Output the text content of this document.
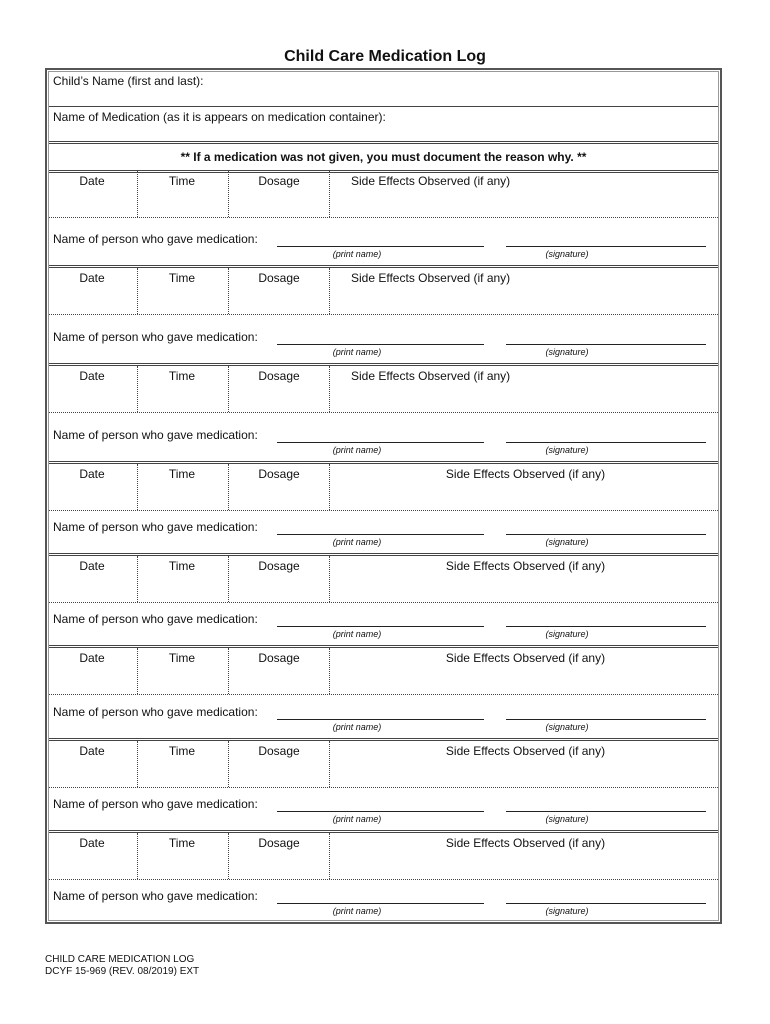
Child Care Medication Log
Child’s Name (first and last):
Name of Medication (as it is appears on medication container):
** If a medication was not given, you must document the reason why. **
Date	Time	Dosage	Side Effects Observed (if any)
Name of person who gave medication:
(print name)	(signature)
Date	Time	Dosage	Side Effects Observed (if any)
Name of person who gave medication:
(print name)	(signature)
Date	Time	Dosage	Side Effects Observed (if any)
Name of person who gave medication:
(print name)	(signature)
Date	Time	Dosage	Side Effects Observed (if any)
Name of person who gave medication:
(print name)	(signature)
Date	Time	Dosage	Side Effects Observed (if any)
Name of person who gave medication:
(print name)	(signature)
Date	Time	Dosage	Side Effects Observed (if any)
Name of person who gave medication:
(print name)	(signature)
Date	Time	Dosage	Side Effects Observed (if any)
Name of person who gave medication:
(print name)	(signature)
Date	Time	Dosage	Side Effects Observed (if any)
Name of person who gave medication:
(print name)	(signature)
CHILD CARE MEDICATION LOG
DCYF 15-969 (REV. 08/2019) EXT
